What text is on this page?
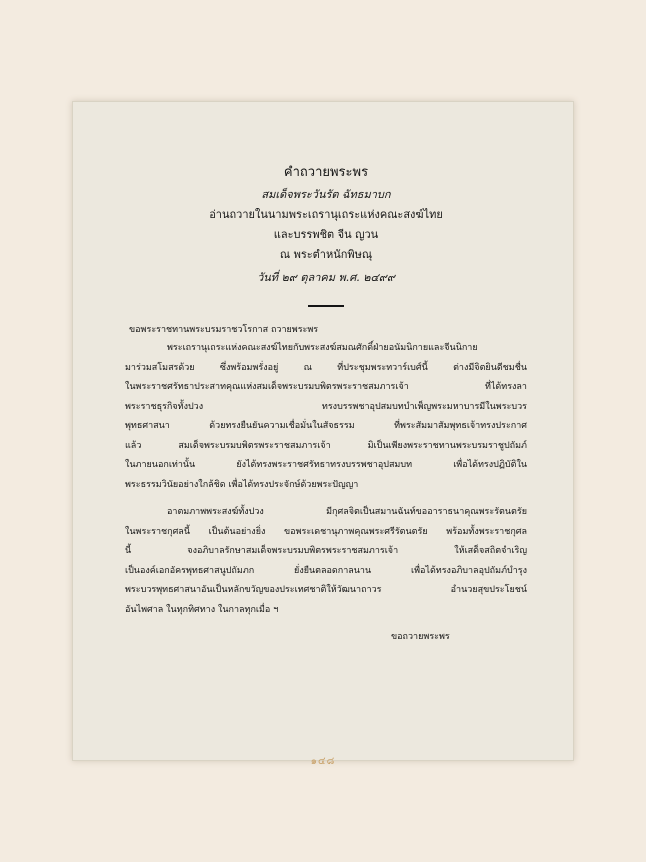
คำถวายพระพร
สมเด็จพระวันรัต ฉัทธมาบก
อ่านถวายในนามพระเถรานุเถระแห่งคณะสงฆ์ไทย
และบรรพชิต จีน ญวน
ณ พระตำหนักพิษณุ
วันที่ ๒๙ ตุลาคม พ.ศ. ๒๔๙๙
ขอพระราชทานพระบรมราชวโรกาส ถวายพระพร
พระเถรานุเถระแห่งคณะสงฆ์ไทยกับพระสงฆ์สมณศักดิ์ฝ่ายอนัมนิกายและจีนนิกาย
มาร่วมสโมสรด้วย ซึ่งพร้อมพรั่งอยู่ ณ ที่ประชุมพระทวาร์เบศ์นี้ ต่างมีจิตยินดีชมชื่น
ในพระราชศรัทธาประสาทคุณแห่งสมเด็จพระบรมบพิตรพระราชสมภารเจ้า ที่ได้ทรงลา
พระราชธุรกิจทั้งปวง ทรงบรรพชาอุปสมบทบำเพ็ญพระมหาบารมีในพระบวร
พุทธศาสนา ด้วยทรงยืนยันความเชื่อมั่นในสัจธรรม ที่พระสัมมาสัมพุทธเจ้าทรงประกาศ
แล้ว สมเด็จพระบรมบพิตรพระราชสมภารเจ้า มิเป็นเพียงพระราชทานพระบรมราชูปถัมภ์
ในภายนอกเท่านั้น ยังได้ทรงพระราชศรัทธาทรงบรรพชาอุปสมบท เพื่อได้ทรงปฏิบัติใน
พระธรรมวินัยอย่างใกล้ชิด เพื่อได้ทรงประจักษ์ด้วยพระปัญญา
อาตมภาพพระสงฆ์ทั้งปวง มีกุศลจิตเป็นสมานฉันท์ขออาราธนาคุณพระรัตนตรัย
ในพระราชกุศลนี้ เป็นต้นอย่างยิ่ง ขอพระเดชานุภาพคุณพระศรีรัตนตรัย พร้อมทั้งพระราชกุศล
นี้ จงอภิบาลรักษาสมเด็จพระบรมบพิตรพระราชสมภารเจ้า ให้เสด็จสถิตจำเริญ
เป็นองค์เอกอัครพุทธศาสนูปถัมภก ยั่งยืนตลอดกาลนาน เพื่อได้ทรงอภิบาลอุปถัมภ์บำรุง
พระบวรพุทธศาสนาอันเป็นหลักขวัญของประเทศชาติให้วัฒนาถาวร อำนวยสุขประโยชน์
อันไพศาล ในทุกทิศทาง ในกาลทุกเมื่อ ฯ
ขอถวายพระพร
๑๔๘
